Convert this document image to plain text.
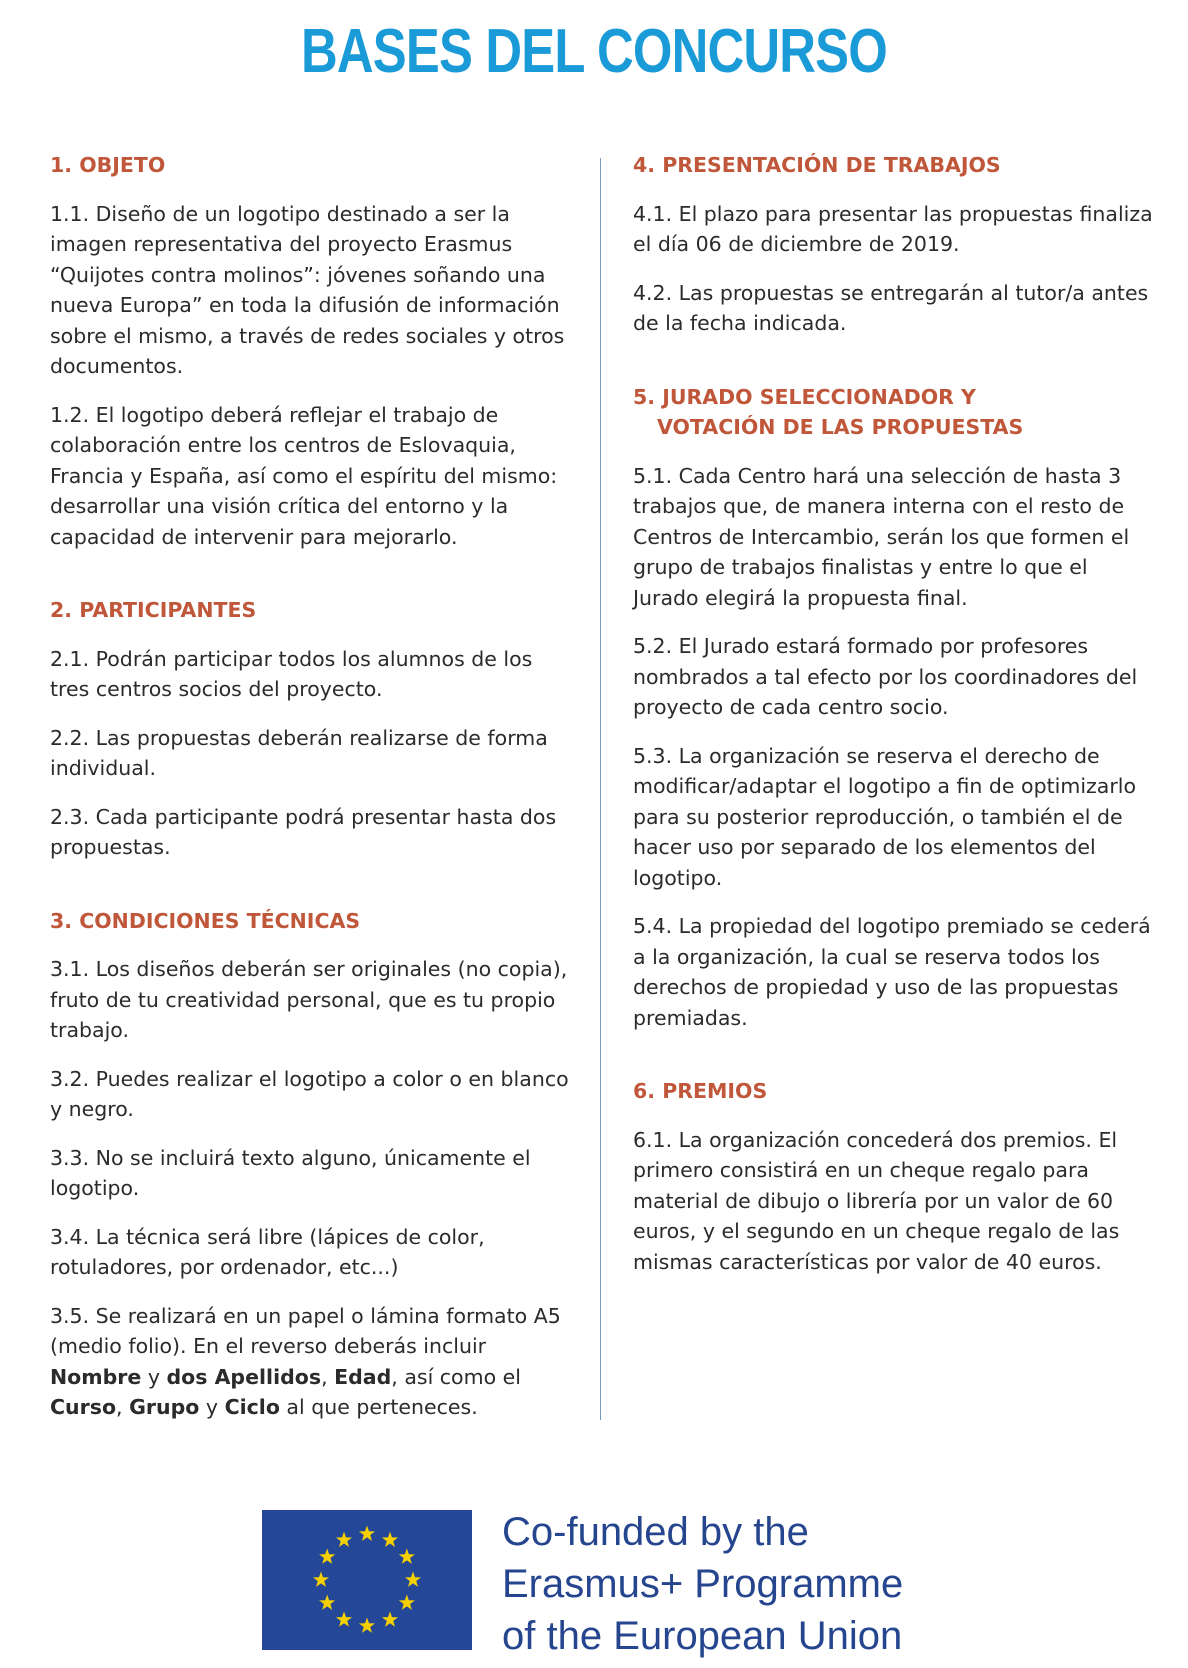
BASES DEL CONCURSO
1. OBJETO

1.1. Diseño de un logotipo destinado a ser la imagen representativa del proyecto Erasmus “Quijotes contra molinos”: jóvenes soñando una nueva Europa” en toda la difusión de información sobre el mismo, a través de redes sociales y otros documentos.

1.2. El logotipo deberá reflejar el trabajo de colaboración entre los centros de Eslovaquia, Francia y España, así como el espíritu del mismo: desarrollar una visión crítica del entorno y la capacidad de intervenir para mejorarlo.

2. PARTICIPANTES

2.1. Podrán participar todos los alumnos de los tres centros socios del proyecto.

2.2. Las propuestas deberán realizarse de forma individual.

2.3. Cada participante podrá presentar hasta dos propuestas.

3. CONDICIONES TÉCNICAS

3.1. Los diseños deberán ser originales (no copia), fruto de tu creatividad personal, que es tu propio trabajo.

3.2. Puedes realizar el logotipo a color o en blanco y negro.

3.3. No se incluirá texto alguno, únicamente el logotipo.

3.4. La técnica será libre (lápices de color, rotuladores, por ordenador, etc...)

3.5. Se realizará en un papel o lámina formato A5 (medio folio). En el reverso deberás incluir Nombre y dos Apellidos, Edad, así como el Curso, Grupo y Ciclo al que perteneces.

4. PRESENTACIÓN DE TRABAJOS

4.1. El plazo para presentar las propuestas finaliza el día 06 de diciembre de 2019.

4.2. Las propuestas se entregarán al tutor/a antes de la fecha indicada.

5. JURADO SELECCIONADOR Y
VOTACIÓN DE LAS PROPUESTAS

5.1. Cada Centro hará una selección de hasta 3 trabajos que, de manera interna con el resto de Centros de Intercambio, serán los que formen el grupo de trabajos finalistas y entre lo que el Jurado elegirá la propuesta final.

5.2. El Jurado estará formado por profesores nombrados a tal efecto por los coordinadores del proyecto de cada centro socio.

5.3. La organización se reserva el derecho de modificar/adaptar el logotipo a fin de optimizarlo para su posterior reproducción, o también el de hacer uso por separado de los elementos del logotipo.

5.4. La propiedad del logotipo premiado se cederá a la organización, la cual se reserva todos los derechos de propiedad y uso de las propuestas premiadas.

6. PREMIOS

6.1. La organización concederá dos premios. El primero consistirá en un cheque regalo para material de dibujo o librería por un valor de 60 euros, y el segundo en un cheque regalo de las mismas características por valor de 40 euros.

Co-funded by the
Erasmus+ Programme
of the European Union
